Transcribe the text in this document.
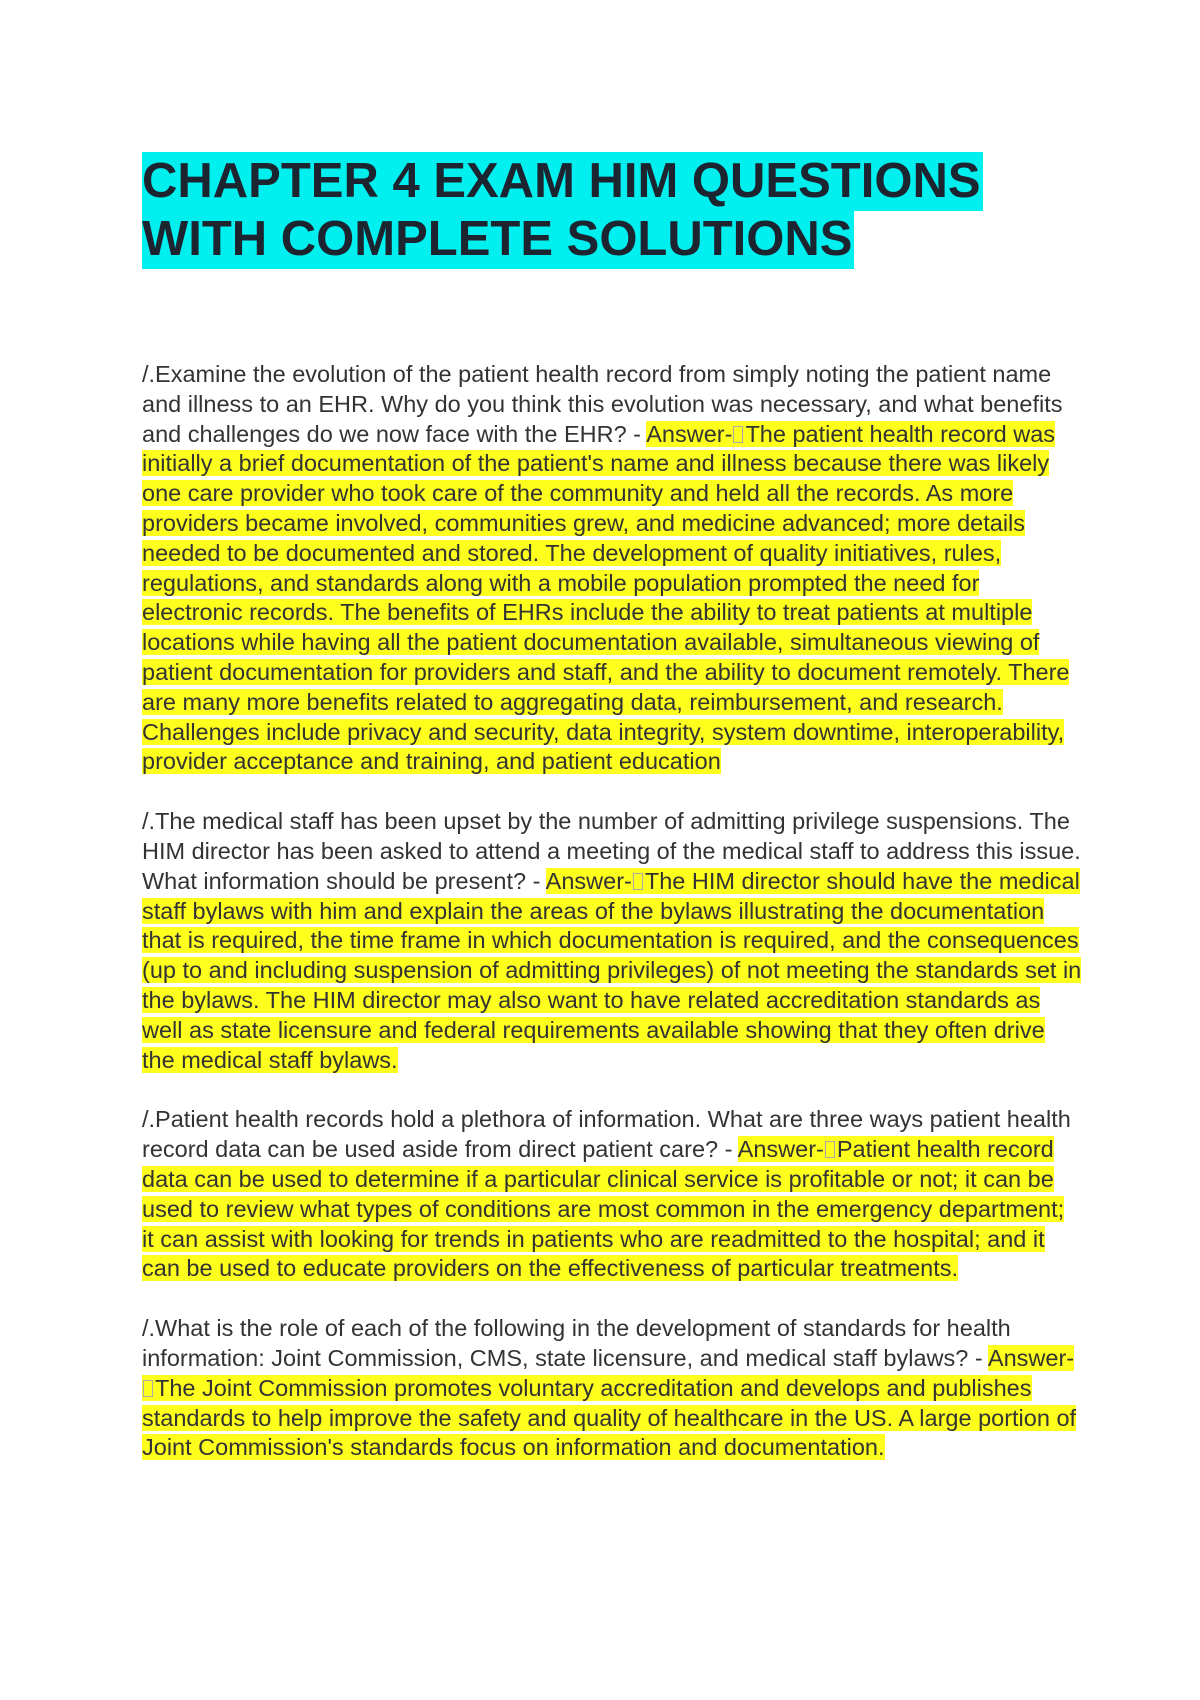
CHAPTER 4 EXAM HIM QUESTIONS WITH COMPLETE SOLUTIONS

/.Examine the evolution of the patient health record from simply noting the patient name and illness to an EHR. Why do you think this evolution was necessary, and what benefits and challenges do we now face with the EHR? - Answer- The patient health record was initially a brief documentation of the patient's name and illness because there was likely one care provider who took care of the community and held all the records. As more providers became involved, communities grew, and medicine advanced; more details needed to be documented and stored. The development of quality initiatives, rules, regulations, and standards along with a mobile population prompted the need for electronic records. The benefits of EHRs include the ability to treat patients at multiple locations while having all the patient documentation available, simultaneous viewing of patient documentation for providers and staff, and the ability to document remotely. There are many more benefits related to aggregating data, reimbursement, and research. Challenges include privacy and security, data integrity, system downtime, interoperability, provider acceptance and training, and patient education

/.The medical staff has been upset by the number of admitting privilege suspensions. The HIM director has been asked to attend a meeting of the medical staff to address this issue. What information should be present? - Answer- The HIM director should have the medical staff bylaws with him and explain the areas of the bylaws illustrating the documentation that is required, the time frame in which documentation is required, and the consequences (up to and including suspension of admitting privileges) of not meeting the standards set in the bylaws. The HIM director may also want to have related accreditation standards as well as state licensure and federal requirements available showing that they often drive the medical staff bylaws.

/.Patient health records hold a plethora of information. What are three ways patient health record data can be used aside from direct patient care? - Answer- Patient health record data can be used to determine if a particular clinical service is profitable or not; it can be used to review what types of conditions are most common in the emergency department; it can assist with looking for trends in patients who are readmitted to the hospital; and it can be used to educate providers on the effectiveness of particular treatments.

/.What is the role of each of the following in the development of standards for health information: Joint Commission, CMS, state licensure, and medical staff bylaws? - Answer-The Joint Commission promotes voluntary accreditation and develops and publishes standards to help improve the safety and quality of healthcare in the US. A large portion of Joint Commission's standards focus on information and documentation.
